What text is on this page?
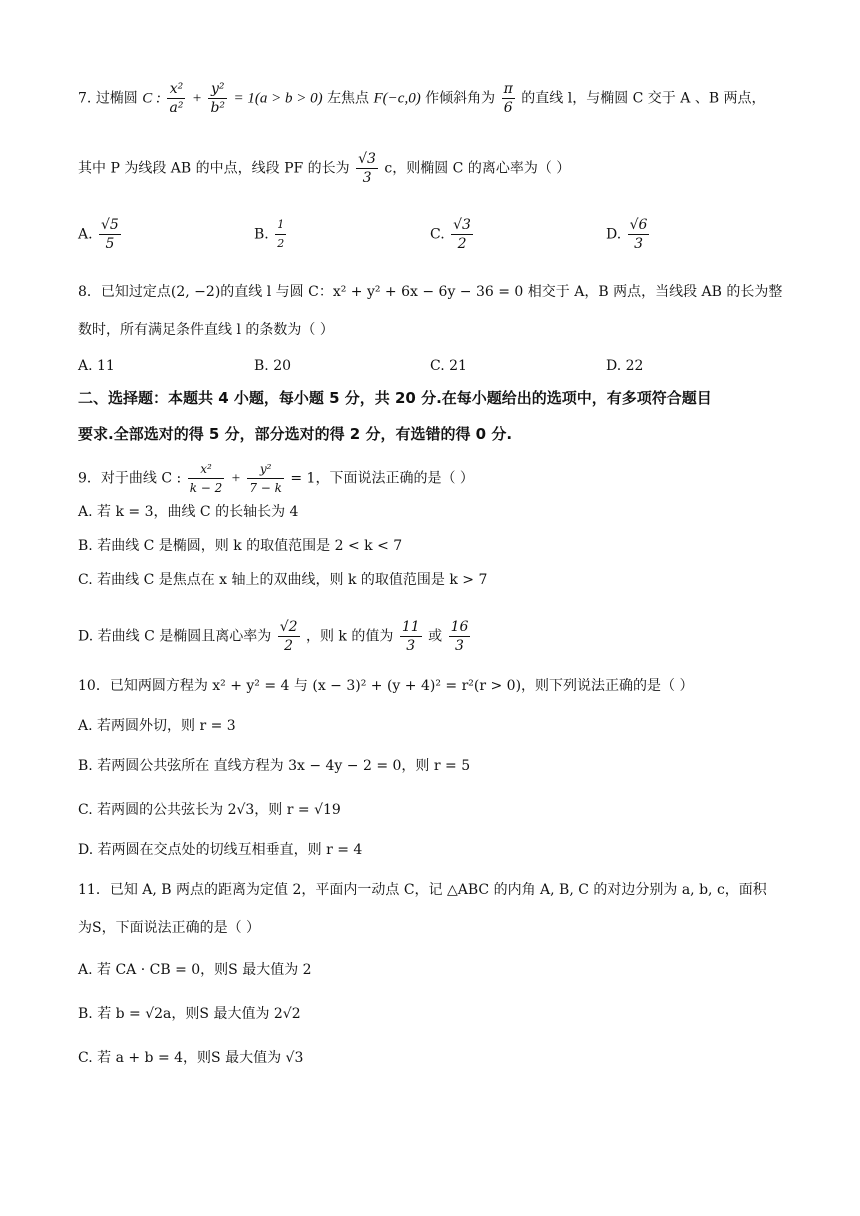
7. 过椭圆 C : $\frac{\text{x²}}{\text{a²}} + \frac{\text{y²}}{\text{b²}} = 1(a > b > 0)$ 左焦点 F(−c,0) 作倾斜角为 $\frac{\pi}{6}$ 的直线 l，与椭圆 C 交于 A 、B 两点，
其中 P 为线段 AB 的中点，线段 PF 的长为 $\frac{√3}{3}$ c，则椭圆 C 的离心率为（ ）
A. $\frac{√5}{5}$	B. $\frac{1}{2}$	C. $\frac{√3}{2}$	D. $\frac{√6}{3}$
8．已知过定点(2, −2)的直线 l 与圆 C：x² + y² + 6x − 6y − 36 = 0 相交于 A，B 两点，当线段 AB 的长为整
数时，所有满足条件直线 l 的条数为（ ）
A. 11	B. 20	C. 21	D. 22
二、选择题：本题共 4 小题，每小题 5 分，共 20 分.在每小题给出的选项中，有多项符合题目
要求.全部选对的得 5 分，部分选对的得 2 分，有选错的得 0 分.
9．对于曲线 C : $\frac{\text{x²}}{k - 2} + \frac{\text{y²}}{7 - k} = 1$，下面说法正确的是（ ）
A. 若 k = 3，曲线 C 的长轴长为 4
B. 若曲线 C 是椭圆，则 k 的取值范围是 2 < k < 7
C. 若曲线 C 是焦点在 x 轴上的双曲线，则 k 的取值范围是 k > 7
D. 若曲线 C 是椭圆且离心率为 $\frac{√2}{2}$ ，则 k 的值为 $\frac{11}{3}$ 或 $\frac{16}{3}$
10．已知两圆方程为 x² + y² = 4 与 (x − 3)² + (y + 4)² = r²(r > 0)，则下列说法正确的是（ ）
A. 若两圆外切，则 r = 3
B. 若两圆公共弦所在 直线方程为 3x − 4y − 2 = 0，则 r = 5
C. 若两圆的公共弦长为 2√3，则 r = √19
D. 若两圆在交点处的切线互相垂直，则 r = 4
11．已知 A, B 两点的距离为定值 2，平面内一动点 C，记 △ABC 的内角 A, B, C 的对边分别为 a, b, c，面积
为S，下面说法正确的是（ ）
A. 若 CA · CB = 0，则S 最大值为 2
B. 若 b = √2a，则S 最大值为 2√2
C. 若 a + b = 4，则S 最大值为 √3
